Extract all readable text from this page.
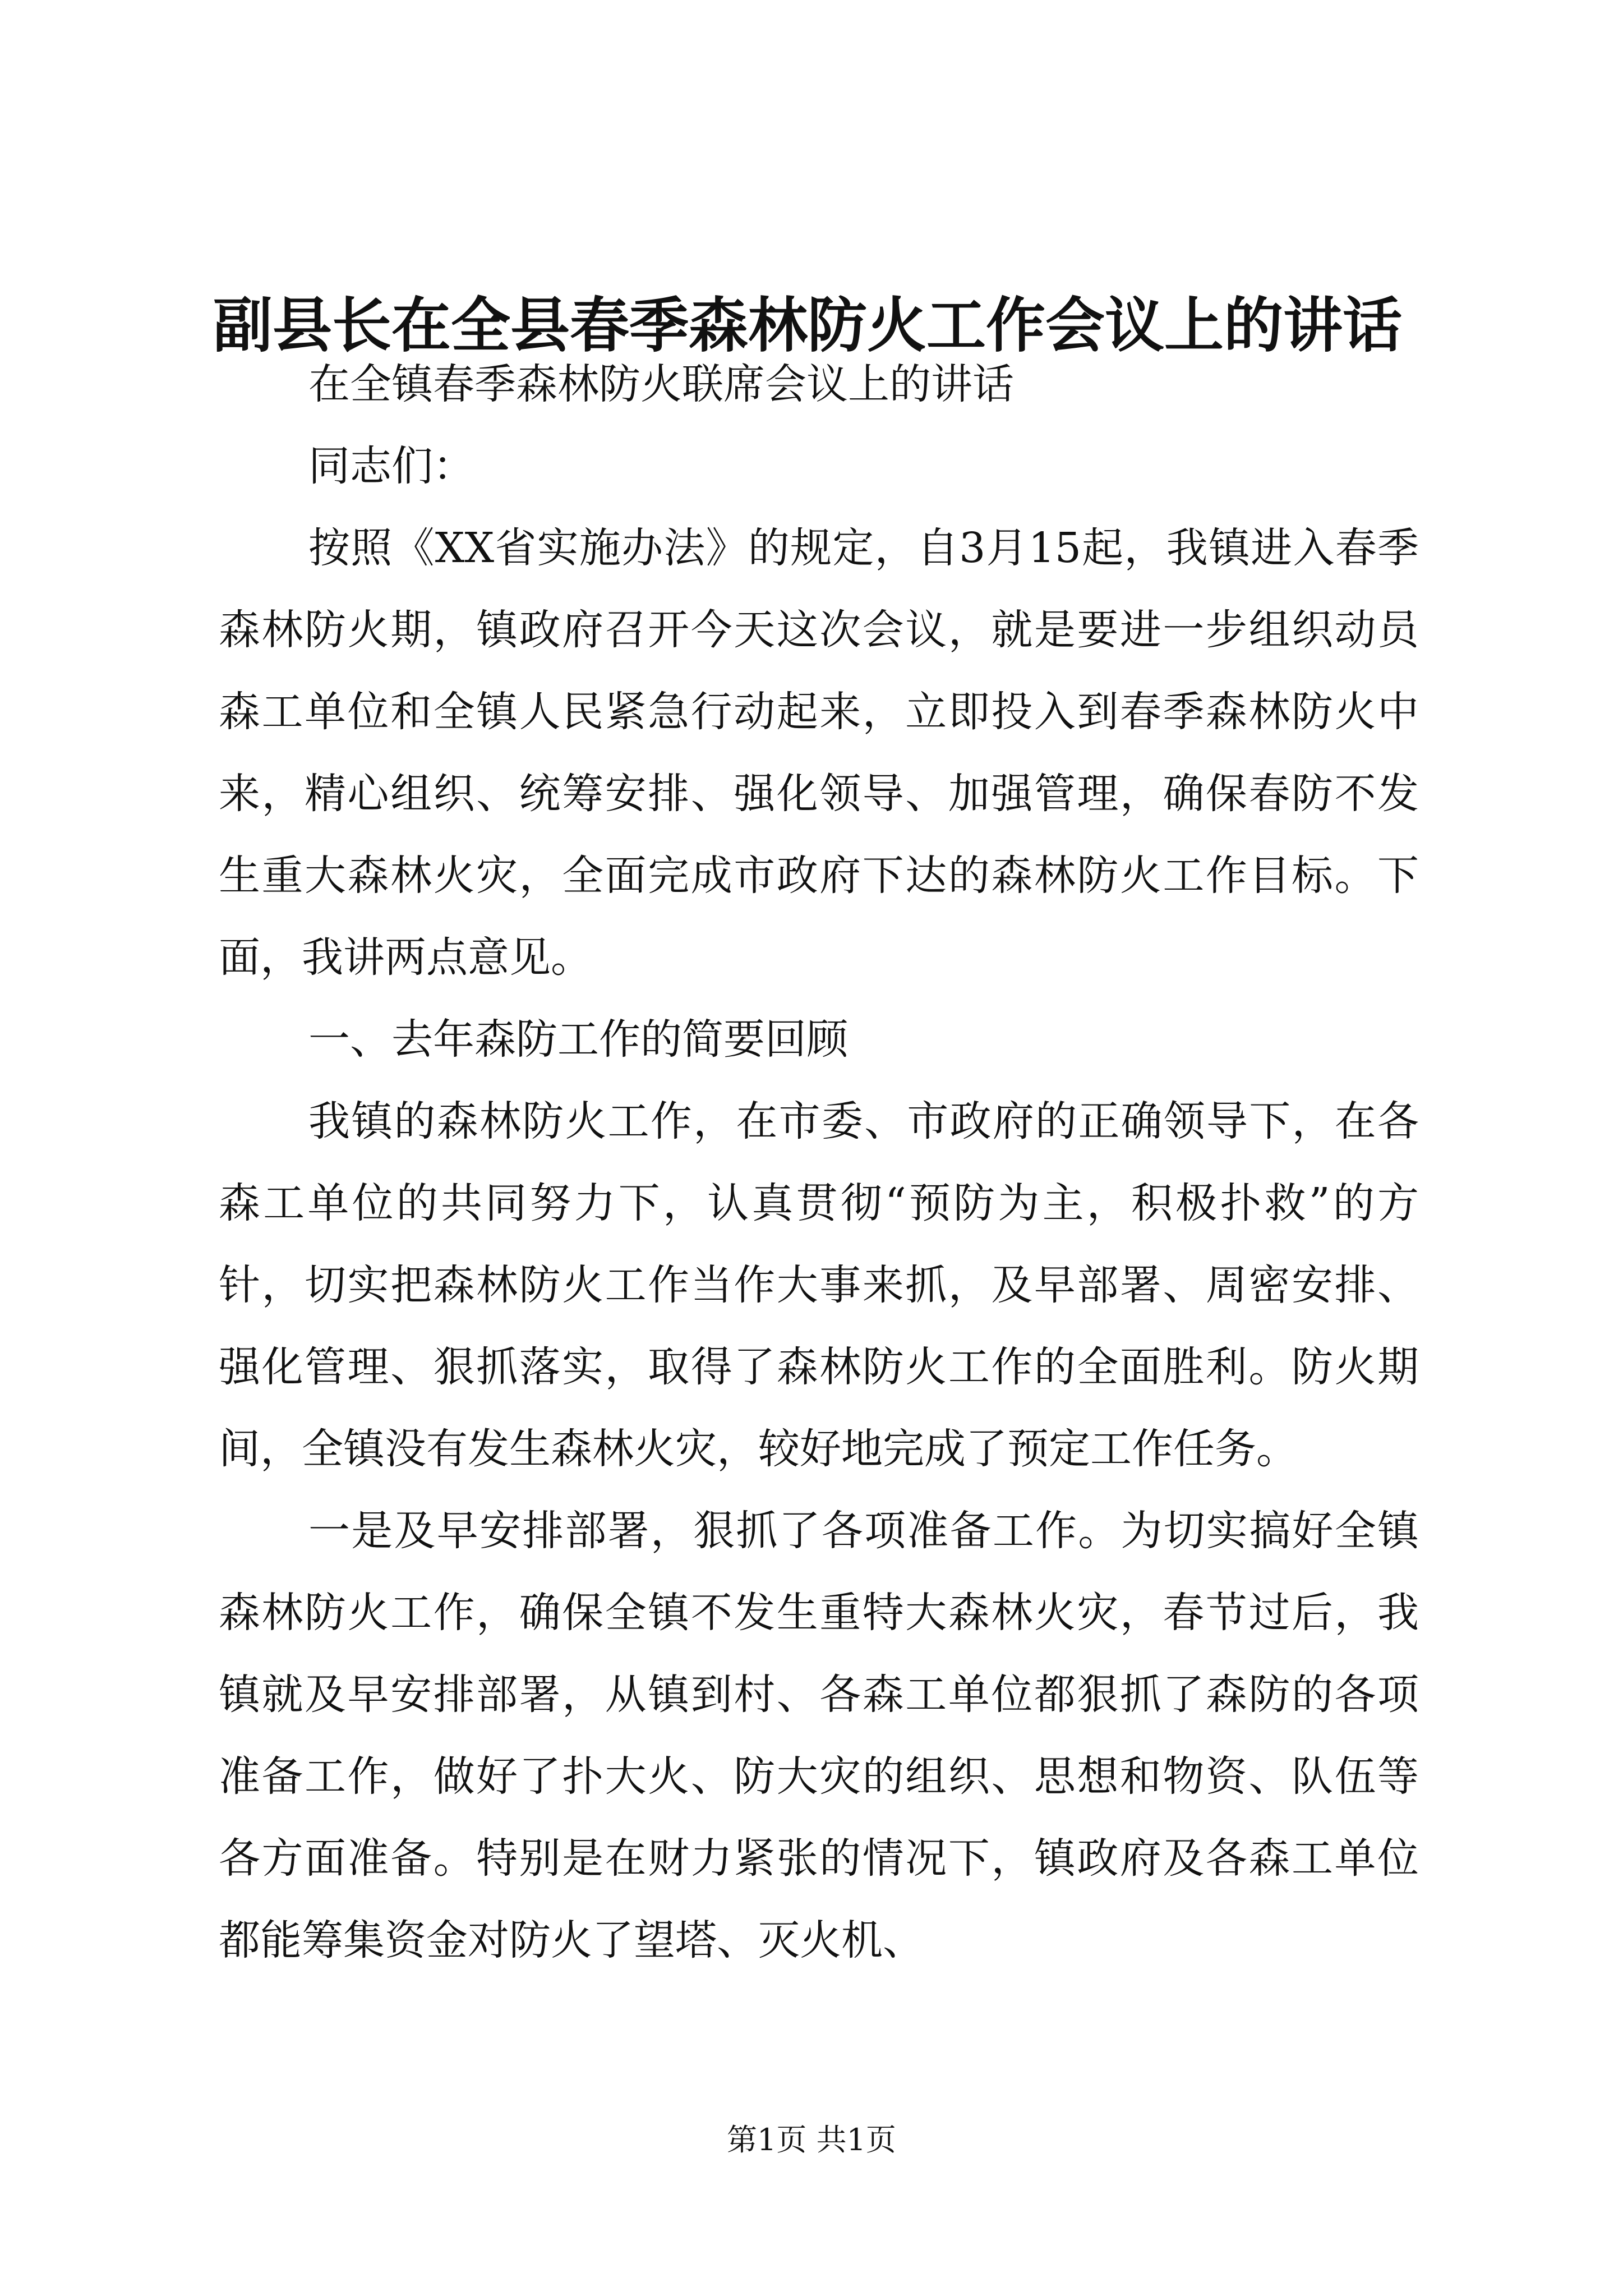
副县长在全县春季森林防火工作会议上的讲话

在全镇春季森林防火联席会议上的讲话

同志们：

按照《XX省实施办法》的规定，自3月15起，我镇进入春季森林防火期，镇政府召开今天这次会议，就是要进一步组织动员森工单位和全镇人民紧急行动起来，立即投入到春季森林防火中来，精心组织、统筹安排、强化领导、加强管理，确保春防不发生重大森林火灾，全面完成市政府下达的森林防火工作目标。下面，我讲两点意见。

一、去年森防工作的简要回顾

我镇的森林防火工作，在市委、市政府的正确领导下，在各森工单位的共同努力下，认真贯彻“预防为主，积极扑救”的方针，切实把森林防火工作当作大事来抓，及早部署、周密安排、强化管理、狠抓落实，取得了森林防火工作的全面胜利。防火期间，全镇没有发生森林火灾，较好地完成了预定工作任务。

一是及早安排部署，狠抓了各项准备工作。为切实搞好全镇森林防火工作，确保全镇不发生重特大森林火灾，春节过后，我镇就及早安排部署，从镇到村、各森工单位都狠抓了森防的各项准备工作，做好了扑大火、防大灾的组织、思想和物资、队伍等各方面准备。特别是在财力紧张的情况下，镇政府及各森工单位都能筹集资金对防火了望塔、灭火机、

第1页 共1页
